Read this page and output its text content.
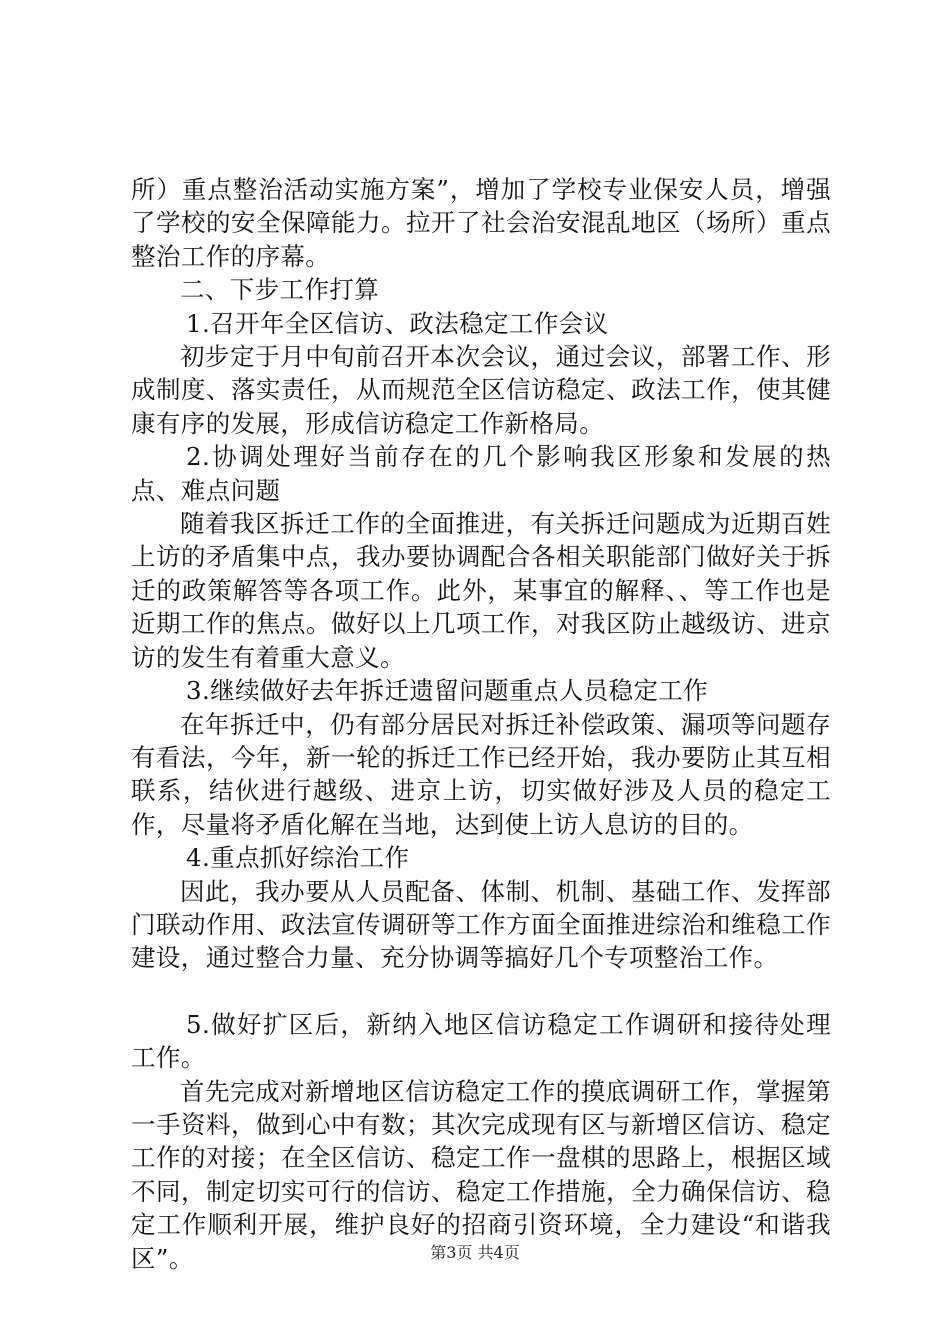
所）重点整治活动实施方案”，增加了学校专业保安人员，增强了学校的安全保障能力。拉开了社会治安混乱地区（场所）重点整治工作的序幕。

二、下步工作打算

1.召开年全区信访、政法稳定工作会议

初步定于月中旬前召开本次会议，通过会议，部署工作、形成制度、落实责任，从而规范全区信访稳定、政法工作，使其健康有序的发展，形成信访稳定工作新格局。

2.协调处理好当前存在的几个影响我区形象和发展的热点、难点问题

随着我区拆迁工作的全面推进，有关拆迁问题成为近期百姓上访的矛盾集中点，我办要协调配合各相关职能部门做好关于拆迁的政策解答等各项工作。此外，某事宜的解释、、等工作也是近期工作的焦点。做好以上几项工作，对我区防止越级访、进京访的发生有着重大意义。

3.继续做好去年拆迁遗留问题重点人员稳定工作

在年拆迁中，仍有部分居民对拆迁补偿政策、漏项等问题存有看法，今年，新一轮的拆迁工作已经开始，我办要防止其互相联系，结伙进行越级、进京上访，切实做好涉及人员的稳定工作，尽量将矛盾化解在当地，达到使上访人息访的目的。

4.重点抓好综治工作

因此，我办要从人员配备、体制、机制、基础工作、发挥部门联动作用、政法宣传调研等工作方面全面推进综治和维稳工作建设，通过整合力量、充分协调等搞好几个专项整治工作。

5.做好扩区后，新纳入地区信访稳定工作调研和接待处理工作。

首先完成对新增地区信访稳定工作的摸底调研工作，掌握第一手资料，做到心中有数；其次完成现有区与新增区信访、稳定工作的对接；在全区信访、稳定工作一盘棋的思路上，根据区域不同，制定切实可行的信访、稳定工作措施，全力确保信访、稳定工作顺利开展，维护良好的招商引资环境，全力建设“和谐我区”。	第3页 共4页
